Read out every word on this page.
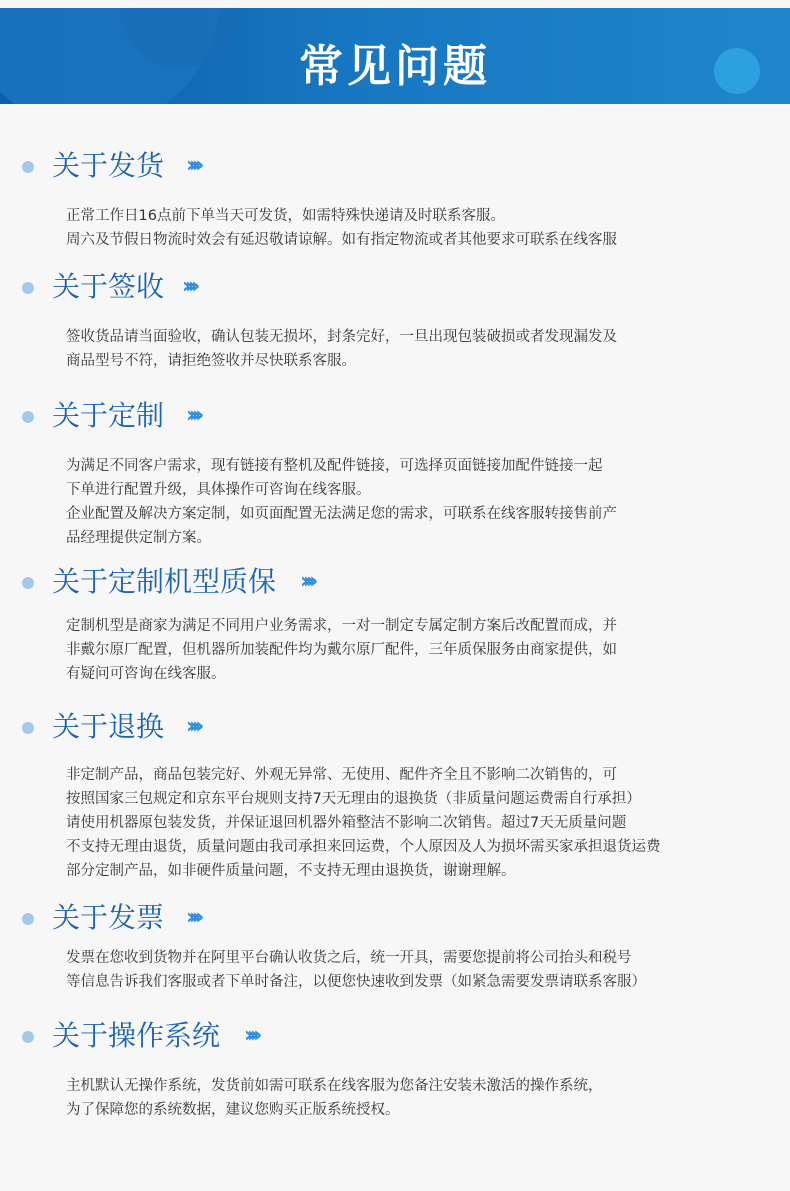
常见问题
关于发货 ››››
正常工作日16点前下单当天可发货，如需特殊快递请及时联系客服。
周六及节假日物流时效会有延迟敬请谅解。如有指定物流或者其他要求可联系在线客服
关于签收 ››››
签收货品请当面验收，确认包装无损坏，封条完好，一旦出现包装破损或者发现漏发及
商品型号不符，请拒绝签收并尽快联系客服。
关于定制 ››››
为满足不同客户需求，现有链接有整机及配件链接，可选择页面链接加配件链接一起
下单进行配置升级，具体操作可咨询在线客服。
企业配置及解决方案定制，如页面配置无法满足您的需求，可联系在线客服转接售前产
品经理提供定制方案。
关于定制机型质保 ››››
定制机型是商家为满足不同用户业务需求，一对一制定专属定制方案后改配置而成，并
非戴尔原厂配置，但机器所加装配件均为戴尔原厂配件，三年质保服务由商家提供，如
有疑问可咨询在线客服。
关于退换 ››››
非定制产品，商品包装完好、外观无异常、无使用、配件齐全且不影响二次销售的，可
按照国家三包规定和京东平台规则支持7天无理由的退换货（非质量问题运费需自行承担）
请使用机器原包装发货，并保证退回机器外箱整洁不影响二次销售。超过7天无质量问题
不支持无理由退货，质量问题由我司承担来回运费，个人原因及人为损坏需买家承担退货运费
部分定制产品，如非硬件质量问题，不支持无理由退换货，谢谢理解。
关于发票 ››››
发票在您收到货物并在阿里平台确认收货之后，统一开具，需要您提前将公司抬头和税号
等信息告诉我们客服或者下单时备注，以便您快速收到发票（如紧急需要发票请联系客服）
关于操作系统 ››››
主机默认无操作系统，发货前如需可联系在线客服为您备注安装未激活的操作系统，
为了保障您的系统数据，建议您购买正版系统授权。
